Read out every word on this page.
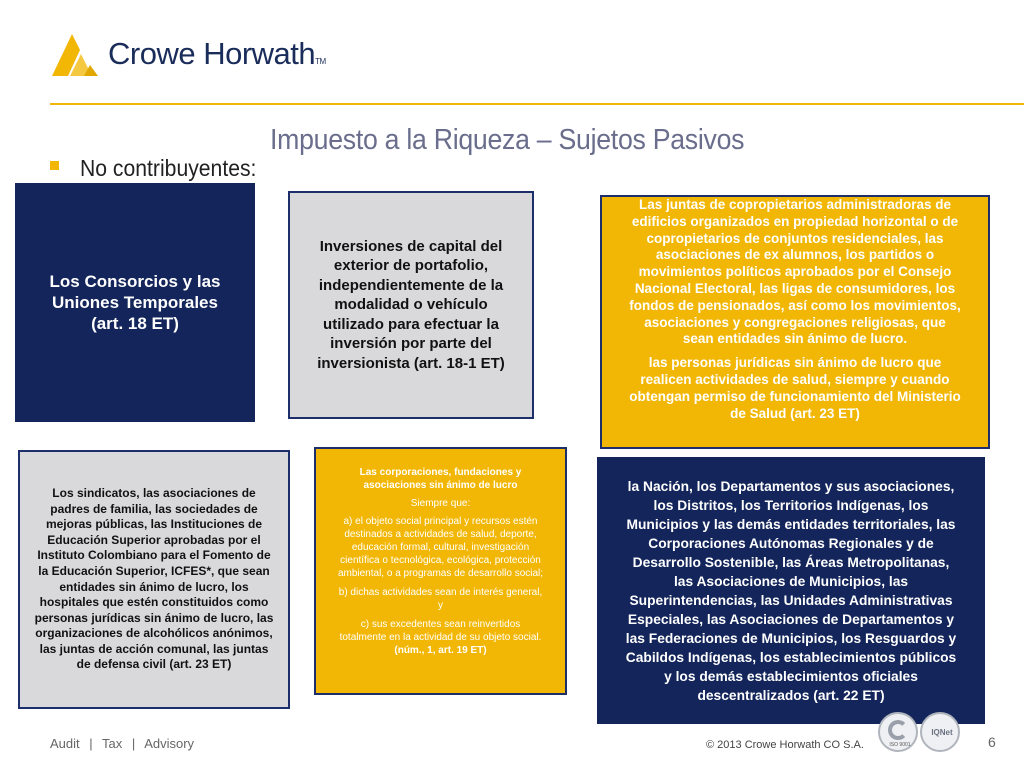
Crowe HorwathTM
Impuesto a la Riqueza – Sujetos Pasivos
No contribuyentes:
Los Consorcios y las
Uniones Temporales
(art. 18 ET)
Inversiones de capital del
exterior de portafolio,
independientemente de la
modalidad o vehículo
utilizado para efectuar la
inversión por parte del
inversionista (art. 18-1 ET)
Las juntas de copropietarios administradoras de
edificios organizados en propiedad horizontal o de
copropietarios de conjuntos residenciales, las
asociaciones de ex alumnos, los partidos o
movimientos políticos aprobados por el Consejo
Nacional Electoral, las ligas de consumidores, los
fondos de pensionados, así como los movimientos,
asociaciones y congregaciones religiosas, que
sean entidades sin ánimo de lucro.
las personas jurídicas sin ánimo de lucro que
realicen actividades de salud, siempre y cuando
obtengan permiso de funcionamiento del Ministerio
de Salud (art. 23 ET)
Los sindicatos, las asociaciones de
padres de familia, las sociedades de
mejoras públicas, las Instituciones de
Educación Superior aprobadas por el
Instituto Colombiano para el Fomento de
la Educación Superior, ICFES*, que sean
entidades sin ánimo de lucro, los
hospitales que estén constituidos como
personas jurídicas sin ánimo de lucro, las
organizaciones de alcohólicos anónimos,
las juntas de acción comunal, las juntas
de defensa civil (art. 23 ET)
Las corporaciones, fundaciones y
asociaciones sin ánimo de lucro
Siempre que:
a) el objeto social principal y recursos estén
destinados a actividades de salud, deporte,
educación formal, cultural, investigación
científica o tecnológica, ecológica, protección
ambiental, o a programas de desarrollo social;
b) dichas actividades sean de interés general,
y
c) sus excedentes sean reinvertidos
totalmente en la actividad de su objeto social.
(núm., 1, art. 19 ET)
la Nación, los Departamentos y sus asociaciones,
los Distritos, los Territorios Indígenas, los
Municipios y las demás entidades territoriales, las
Corporaciones Autónomas Regionales y de
Desarrollo Sostenible, las Áreas Metropolitanas,
las Asociaciones de Municipios, las
Superintendencias, las Unidades Administrativas
Especiales, las Asociaciones de Departamentos y
las Federaciones de Municipios, los Resguardos y
Cabildos Indígenas, los establecimientos públicos
y los demás establecimientos oficiales
descentralizados (art. 22 ET)
Audit | Tax | Advisory	© 2013 Crowe Horwath CO S.A.	ISO 9001
IQNet
6
